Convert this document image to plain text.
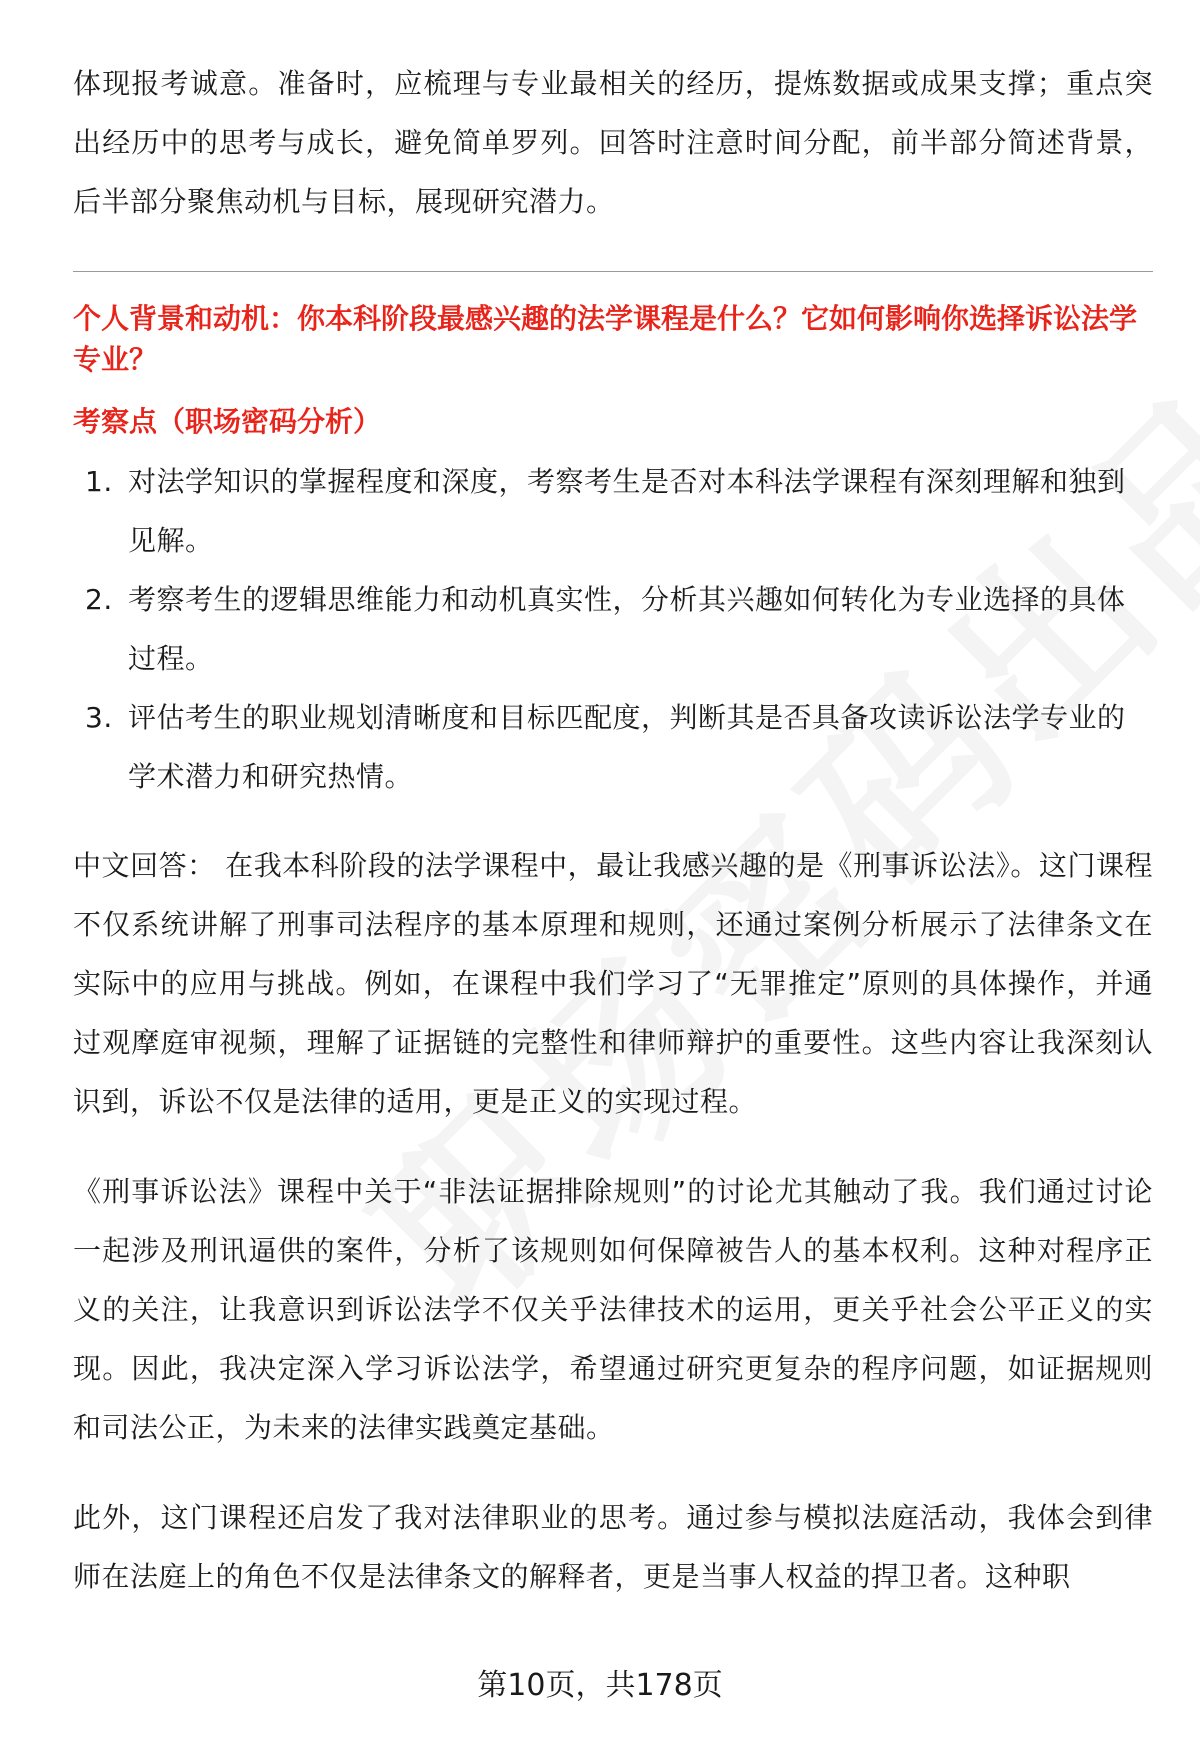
体现报考诚意。准备时，应梳理与专业最相关的经历，提炼数据或成果支撑；重点突出经历中的思考与成长，避免简单罗列。回答时注意时间分配，前半部分简述背景，后半部分聚焦动机与目标，展现研究潜力。

个人背景和动机：你本科阶段最感兴趣的法学课程是什么？它如何影响你选择诉讼法学专业？

考察点（职场密码分析）

1. 对法学知识的掌握程度和深度，考察考生是否对本科法学课程有深刻理解和独到见解。
2. 考察考生的逻辑思维能力和动机真实性，分析其兴趣如何转化为专业选择的具体过程。
3. 评估考生的职业规划清晰度和目标匹配度，判断其是否具备攻读诉讼法学专业的学术潜力和研究热情。

中文回答： 在我本科阶段的法学课程中，最让我感兴趣的是《刑事诉讼法》。这门课程不仅系统讲解了刑事司法程序的基本原理和规则，还通过案例分析展示了法律条文在实际中的应用与挑战。例如，在课程中我们学习了“无罪推定”原则的具体操作，并通过观摩庭审视频，理解了证据链的完整性和律师辩护的重要性。这些内容让我深刻认识到，诉讼不仅是法律的适用，更是正义的实现过程。

《刑事诉讼法》课程中关于“非法证据排除规则”的讨论尤其触动了我。我们通过讨论一起涉及刑讯逼供的案件，分析了该规则如何保障被告人的基本权利。这种对程序正义的关注，让我意识到诉讼法学不仅关乎法律技术的运用，更关乎社会公平正义的实现。因此，我决定深入学习诉讼法学，希望通过研究更复杂的程序问题，如证据规则和司法公正，为未来的法律实践奠定基础。

此外，这门课程还启发了我对法律职业的思考。通过参与模拟法庭活动，我体会到律师在法庭上的角色不仅是法律条文的解释者，更是当事人权益的捍卫者。这种职

第10页，共178页
